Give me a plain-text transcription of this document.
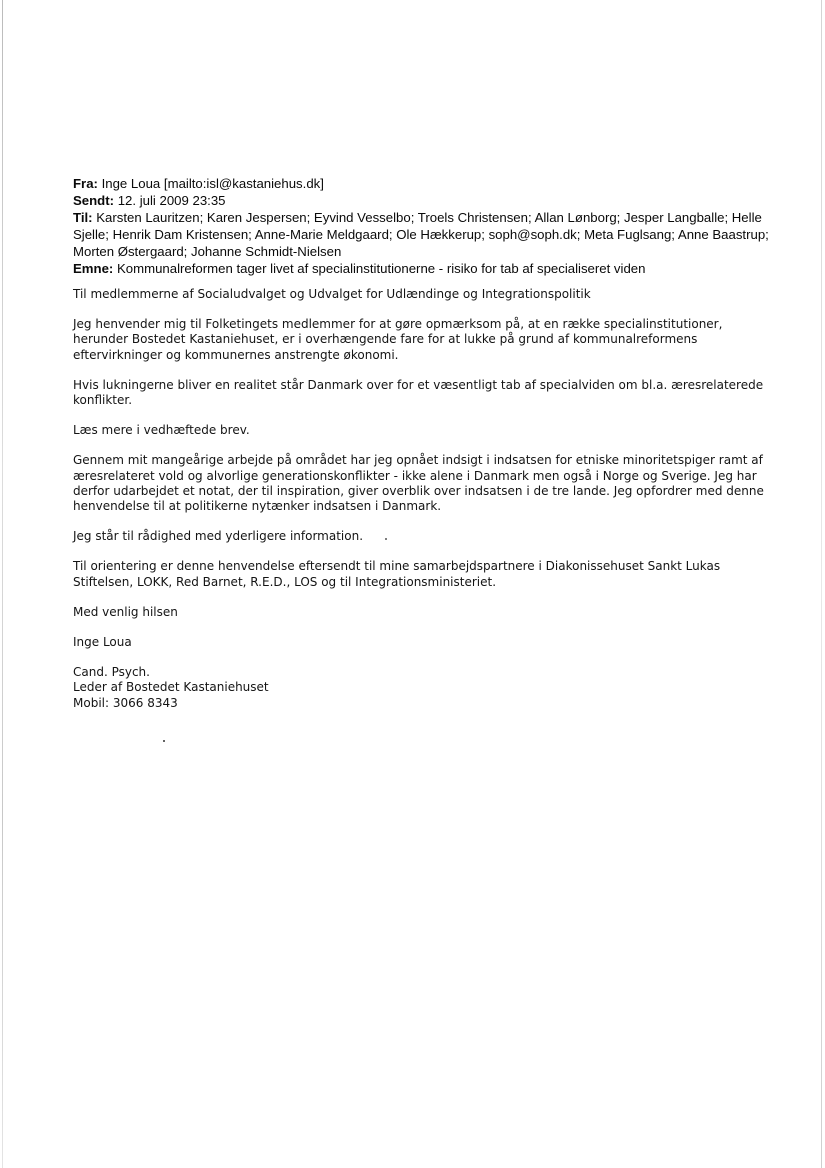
Fra: Inge Loua [mailto:isl@kastaniehus.dk]
Sendt: 12. juli 2009 23:35
Til: Karsten Lauritzen; Karen Jespersen; Eyvind Vesselbo; Troels Christensen; Allan Lønborg; Jesper Langballe; Helle Sjelle; Henrik Dam Kristensen; Anne-Marie Meldgaard; Ole Hækkerup; soph@soph.dk; Meta Fuglsang; Anne Baastrup; Morten Østergaard; Johanne Schmidt-Nielsen
Emne: Kommunalreformen tager livet af specialinstitutionerne - risiko for tab af specialiseret viden

Til medlemmerne af Socialudvalget og Udvalget for Udlændinge og Integrationspolitik

Jeg henvender mig til Folketingets medlemmer for at gøre opmærksom på, at en række specialinstitutioner, herunder Bostedet Kastaniehuset, er i overhængende fare for at lukke på grund af kommunalreformens eftervirkninger og kommunernes anstrengte økonomi.

Hvis lukningerne bliver en realitet står Danmark over for et væsentligt tab af specialviden om bl.a. æresrelaterede konflikter.

Læs mere i vedhæftede brev.

Gennem mit mangeårige arbejde på området har jeg opnået indsigt i indsatsen for etniske minoritetspiger ramt af æresrelateret vold og alvorlige generationskonflikter - ikke alene i Danmark men også i Norge og Sverige. Jeg har derfor udarbejdet et notat, der til inspiration, giver overblik over indsatsen i de tre lande. Jeg opfordrer med denne henvendelse til at politikerne nytænker indsatsen i Danmark.

Jeg står til rådighed med yderligere information.

Til orientering er denne henvendelse eftersendt til mine samarbejdspartnere i Diakonissehuset Sankt Lukas Stiftelsen, LOKK, Red Barnet, R.E.D., LOS og til Integrationsministeriet.

Med venlig hilsen

Inge Loua

Cand. Psych.
Leder af Bostedet Kastaniehuset
Mobil: 3066 8343
